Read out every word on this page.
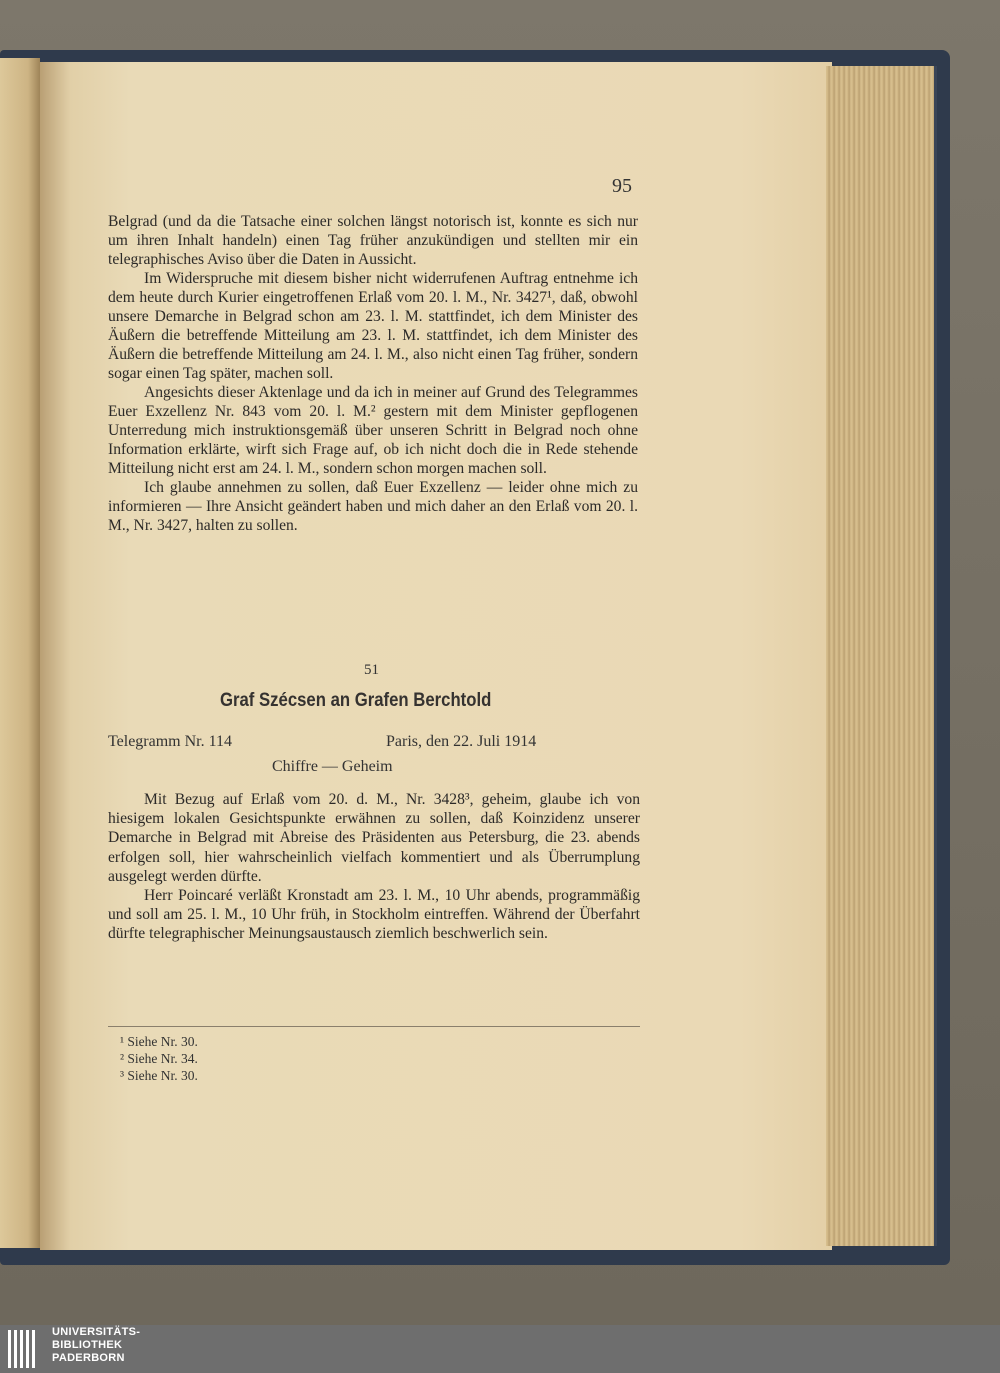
95

Belgrad (und da die Tatsache einer solchen längst notorisch ist, konnte es sich nur um ihren Inhalt handeln) einen Tag früher anzukündigen und stellten mir ein telegraphisches Aviso über die Daten in Aussicht.

Im Widerspruche mit diesem bisher nicht widerrufenen Auftrag entnehme ich dem heute durch Kurier eingetroffenen Erlaß vom 20. l. M., Nr. 3427¹, daß, obwohl unsere Demarche in Belgrad schon am 23. l. M. stattfindet, ich dem Minister des Äußern die betreffende Mitteilung am 23. l. M. stattfindet, ich dem Minister des Äußern die betreffende Mitteilung am 24. l. M., also nicht einen Tag früher, sondern sogar einen Tag später, machen soll.

Angesichts dieser Aktenlage und da ich in meiner auf Grund des Telegrammes Euer Exzellenz Nr. 843 vom 20. l. M.² gestern mit dem Minister gepflogenen Unterredung mich instruktionsgemäß über unseren Schritt in Belgrad noch ohne Information erklärte, wirft sich Frage auf, ob ich nicht doch die in Rede stehende Mitteilung nicht erst am 24. l. M., sondern schon morgen machen soll.

Ich glaube annehmen zu sollen, daß Euer Exzellenz — leider ohne mich zu informieren — Ihre Ansicht geändert haben und mich daher an den Erlaß vom 20. l. M., Nr. 3427, halten zu sollen.

51
Graf Szécsen an Grafen Berchtold
Telegramm Nr. 114	Paris, den 22. Juli 1914
Chiffre — Geheim

Mit Bezug auf Erlaß vom 20. d. M., Nr. 3428³, geheim, glaube ich von hiesigem lokalen Gesichtspunkte erwähnen zu sollen, daß Koinzidenz unserer Demarche in Belgrad mit Abreise des Präsidenten aus Petersburg, die 23. abends erfolgen soll, hier wahrscheinlich vielfach kommentiert und als Überrumplung ausgelegt werden dürfte.

Herr Poincaré verläßt Kronstadt am 23. l. M., 10 Uhr abends, programmäßig und soll am 25. l. M., 10 Uhr früh, in Stockholm eintreffen. Während der Überfahrt dürfte telegraphischer Meinungsaustausch ziemlich beschwerlich sein.

¹ Siehe Nr. 30.
² Siehe Nr. 34.
³ Siehe Nr. 30.
UNIVERSITÄTS-
BIBLIOTHEK
PADERBORN
